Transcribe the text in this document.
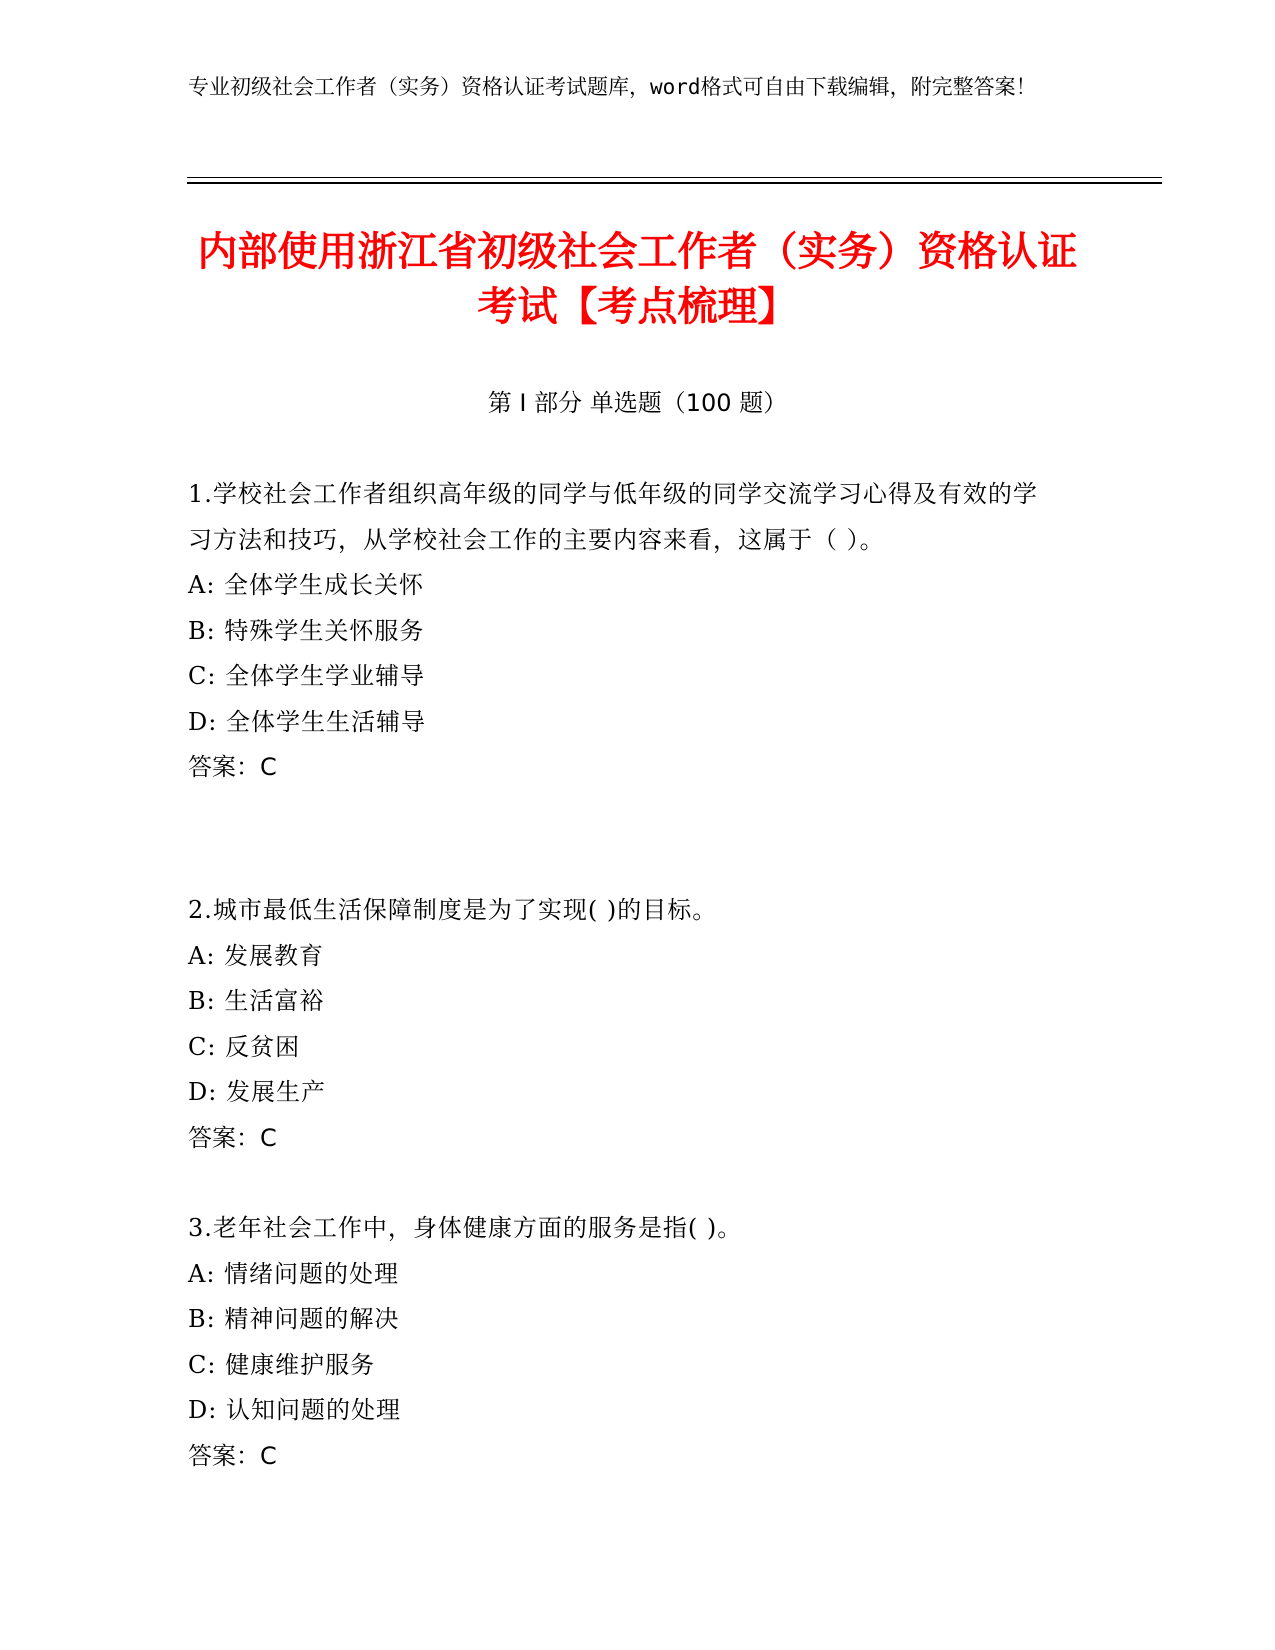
专业初级社会工作者（实务）资格认证考试题库，word格式可自由下载编辑，附完整答案！
内部使用浙江省初级社会工作者（实务）资格认证考试【考点梳理】
第 I 部分 单选题（100 题）
1.学校社会工作者组织高年级的同学与低年级的同学交流学习心得及有效的学习方法和技巧，从学校社会工作的主要内容来看，这属于（ ）。
A: 全体学生成长关怀
B: 特殊学生关怀服务
C: 全体学生学业辅导
D: 全体学生生活辅导
答案：C
2.城市最低生活保障制度是为了实现( )的目标。
A: 发展教育
B: 生活富裕
C: 反贫困
D: 发展生产
答案：C
3.老年社会工作中，身体健康方面的服务是指( )。
A: 情绪问题的处理
B: 精神问题的解决
C: 健康维护服务
D: 认知问题的处理
答案：C
